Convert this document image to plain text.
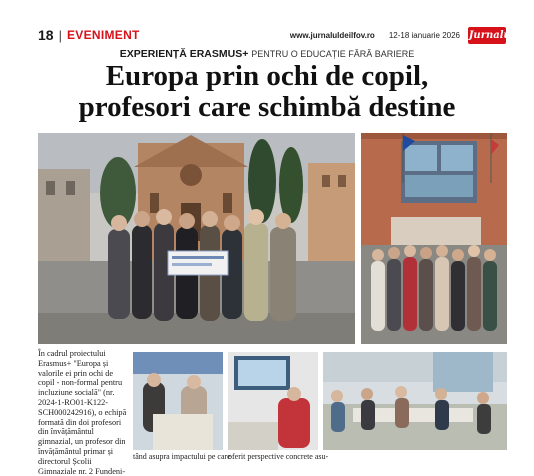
18 | EVENIMENT	www.jurnaluldeilfov.ro 12-18 ianuarie 2026 de Ilfov Jurnalul
EXPERIENȚĂ ERASMUS+ PENTRU O EDUCAȚIE FĂRĂ BARIERE
Europa prin ochi de copil,
profesori care schimbă destine
În cadrul proiectului Erasmus+ "Europa și valorile ei prin ochi de copil - non-formal pentru incluziune socială" (nr. 2024-1-RO01-K122-SCH000242916), o echipă formată din doi profesori din învățământul gimnazial, un profesor din învățământul primar și directorul Școlii Gimnaziale nr. 2 Fundeni-
tând asupra impactului pe care
oferit perspective concrete asu-
